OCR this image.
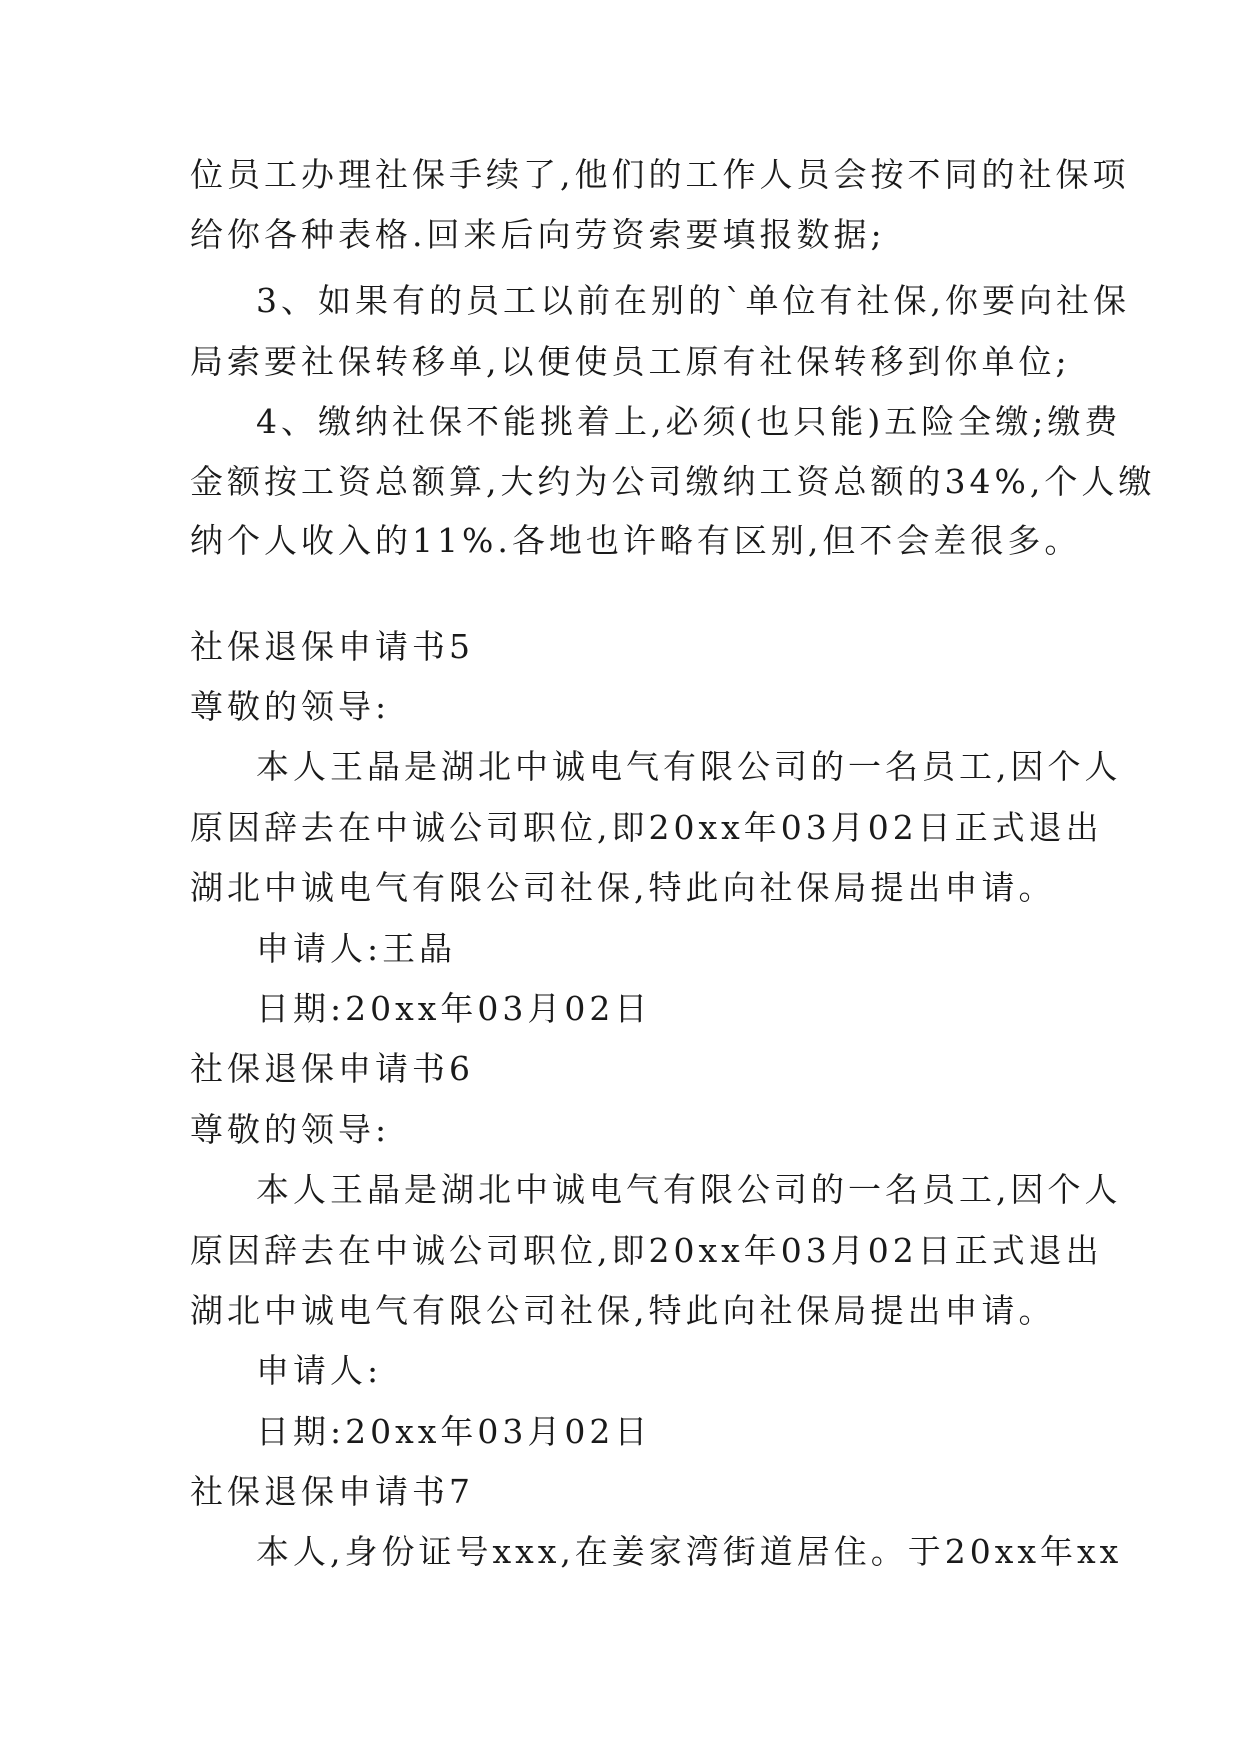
位员工办理社保手续了,他们的工作人员会按不同的社保项
给你各种表格.回来后向劳资索要填报数据;
3、如果有的员工以前在别的`单位有社保,你要向社保
局索要社保转移单,以便使员工原有社保转移到你单位;
4、缴纳社保不能挑着上,必须(也只能)五险全缴;缴费
金额按工资总额算,大约为公司缴纳工资总额的34%,个人缴
纳个人收入的11%.各地也许略有区别,但不会差很多。
社保退保申请书5
尊敬的领导:
本人王晶是湖北中诚电气有限公司的一名员工,因个人
原因辞去在中诚公司职位,即20xx年03月02日正式退出
湖北中诚电气有限公司社保,特此向社保局提出申请。
申请人:王晶
日期:20xx年03月02日
社保退保申请书6
尊敬的领导:
本人王晶是湖北中诚电气有限公司的一名员工,因个人
原因辞去在中诚公司职位,即20xx年03月02日正式退出
湖北中诚电气有限公司社保,特此向社保局提出申请。
申请人:
日期:20xx年03月02日
社保退保申请书7
本人,身份证号xxx,在姜家湾街道居住。于20xx年xx
